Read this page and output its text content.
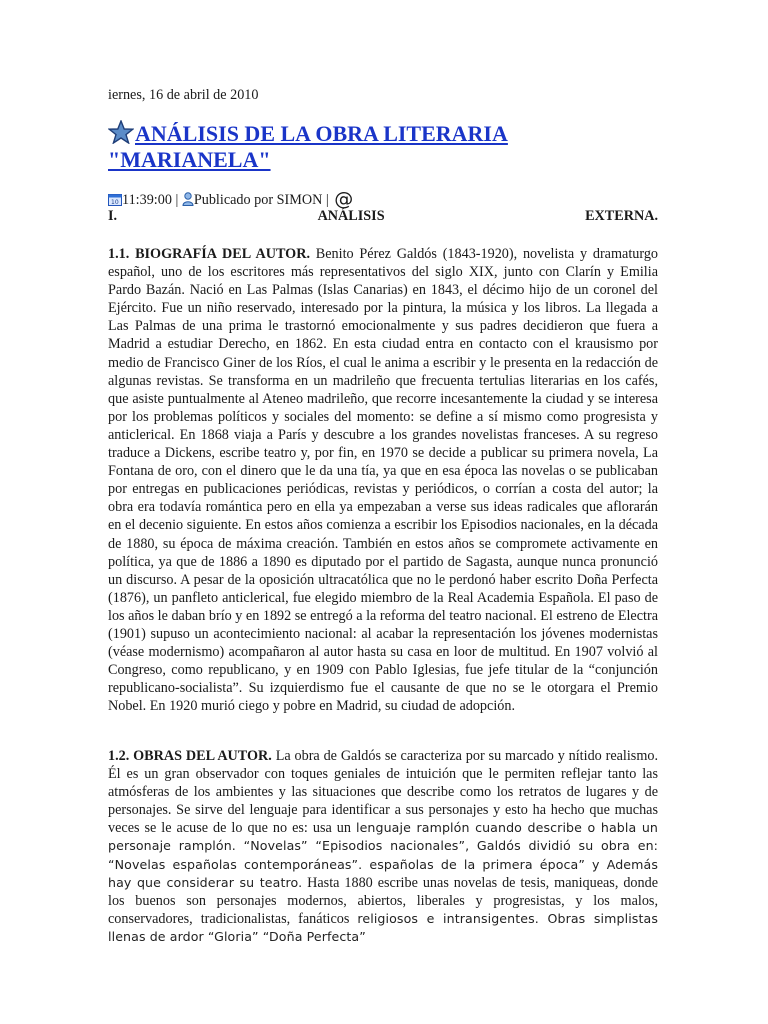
iernes, 16 de abril de 2010
ANÁLISIS DE LA OBRA LITERARIA "MARIANELA"
10 11:39:00 | Publicado por SIMON | @
I.	ANÁLISIS	EXTERNA.
1.1. BIOGRAFÍA DEL AUTOR. Benito Pérez Galdós (1843-1920), novelista y dramaturgo español, uno de los escritores más representativos del siglo XIX, junto con Clarín y Emilia Pardo Bazán. Nació en Las Palmas (Islas Canarias) en 1843, el décimo hijo de un coronel del Ejército. Fue un niño reservado, interesado por la pintura, la música y los libros. La llegada a Las Palmas de una prima le trastornó emocionalmente y sus padres decidieron que fuera a Madrid a estudiar Derecho, en 1862. En esta ciudad entra en contacto con el krausismo por medio de Francisco Giner de los Ríos, el cual le anima a escribir y le presenta en la redacción de algunas revistas. Se transforma en un madrileño que frecuenta tertulias literarias en los cafés, que asiste puntualmente al Ateneo madrileño, que recorre incesantemente la ciudad y se interesa por los problemas políticos y sociales del momento: se define a sí mismo como progresista y anticlerical. En 1868 viaja a París y descubre a los grandes novelistas franceses. A su regreso traduce a Dickens, escribe teatro y, por fin, en 1970 se decide a publicar su primera novela, La Fontana de oro, con el dinero que le da una tía, ya que en esa época las novelas o se publicaban por entregas en publicaciones periódicas, revistas y periódicos, o corrían a costa del autor; la obra era todavía romántica pero en ella ya empezaban a verse sus ideas radicales que aflorarán en el decenio siguiente. En estos años comienza a escribir los Episodios nacionales, en la década de 1880, su época de máxima creación. También en estos años se compromete activamente en política, ya que de 1886 a 1890 es diputado por el partido de Sagasta, aunque nunca pronunció un discurso. A pesar de la oposición ultracatólica que no le perdonó haber escrito Doña Perfecta (1876), un panfleto anticlerical, fue elegido miembro de la Real Academia Española. El paso de los años le daban brío y en 1892 se entregó a la reforma del teatro nacional. El estreno de Electra (1901) supuso un acontecimiento nacional: al acabar la representación los jóvenes modernistas (véase modernismo) acompañaron al autor hasta su casa en loor de multitud. En 1907 volvió al Congreso, como republicano, y en 1909 con Pablo Iglesias, fue jefe titular de la “conjunción republicano-socialista”. Su izquierdismo fue el causante de que no se le otorgara el Premio Nobel. En 1920 murió ciego y pobre en Madrid, su ciudad de adopción.
1.2. OBRAS DEL AUTOR. La obra de Galdós se caracteriza por su marcado y nítido realismo. Él es un gran observador con toques geniales de intuición que le permiten reflejar tanto las atmósferas de los ambientes y las situaciones que describe como los retratos de lugares y de personajes. Se sirve del lenguaje para identificar a sus personajes y esto ha hecho que muchas veces se le acuse de lo que no es: usa un lenguaje ramplón cuando describe o habla un personaje ramplón. “Novelas” “Episodios nacionales”, Galdós dividió su obra en: “Novelas españolas contemporáneas”. españolas de la primera época” y Además hay que considerar su teatro. Hasta 1880 escribe unas novelas de tesis, maniqueas, donde los buenos son personajes modernos, abiertos, liberales y progresistas, y los malos, conservadores, tradicionalistas, fanáticos religiosos e intransigentes. Obras simplistas llenas de ardor “Gloria” “Doña Perfecta”
